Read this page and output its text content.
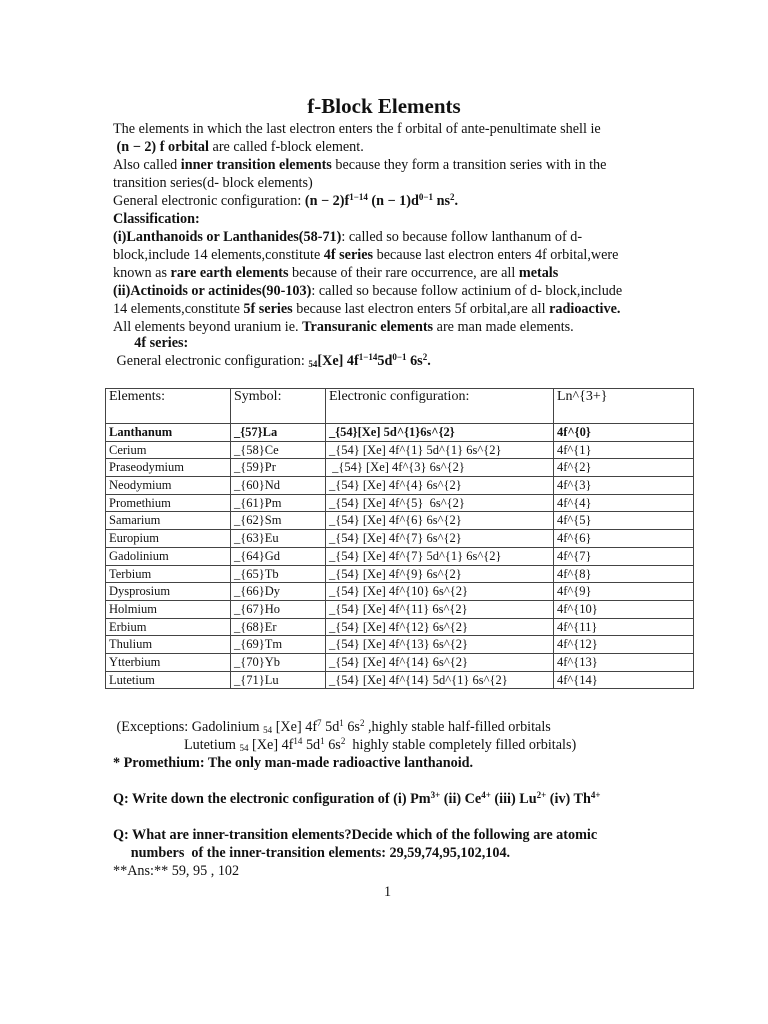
f-Block Elements
The elements in which the last electron enters the f orbital of ante-penultimate shell ie
(n − 2) f orbital are called f-block element.
Also called inner transition elements because they form a transition series with in the
transition series(d- block elements)
General electronic configuration: $(n - 2)f^{1-14}$ $(n - 1)d^{0-1}$ $ns^2$.
Classification:
(i)Lanthanoids or Lanthanides(58-71): called so because follow lanthanum of d-
block,include 14 elements,constitute 4f series because last electron enters 4f orbital,were
known as rare earth elements because of their rare occurrence, are all metals
(ii)Actinoids or actinides(90-103): called so because follow actinium of d- block,include
14 elements,constitute 5f series because last electron enters 5f orbital,are all radioactive.
All elements beyond uranium ie. Transuranic elements are man made elements.
4f series:
General electronic configuration: $_{54}$[Xe] $4f^{1-14}5d^{0-1}$ $6s^2$.
Elements:	Symbol:	Electronic configuration:	Ln^{3+}
Lanthanum	_{57}La	_{54}[Xe] 5d^{1}6s^{2}	4f^{0}
Cerium	_{58}Ce	_{54} [Xe] 4f^{1} 5d^{1} 6s^{2}	4f^{1}
Praseodymium	_{59}Pr	_{54} [Xe] 4f^{3} 6s^{2}	4f^{2}
Neodymium	_{60}Nd	_{54} [Xe] 4f^{4} 6s^{2}	4f^{3}
Promethium	_{61}Pm	_{54} [Xe] 4f^{5}  6s^{2}	4f^{4}
Samarium	_{62}Sm	_{54} [Xe] 4f^{6} 6s^{2}	4f^{5}
Europium	_{63}Eu	_{54} [Xe] 4f^{7} 6s^{2}	4f^{6}
Gadolinium	_{64}Gd	_{54} [Xe] 4f^{7} 5d^{1} 6s^{2}	4f^{7}
Terbium	_{65}Tb	_{54} [Xe] 4f^{9} 6s^{2}	4f^{8}
Dysprosium	_{66}Dy	_{54} [Xe] 4f^{10} 6s^{2}	4f^{9}
Holmium	_{67}Ho	_{54} [Xe] 4f^{11} 6s^{2}	4f^{10}
Erbium	_{68}Er	_{54} [Xe] 4f^{12} 6s^{2}	4f^{11}
Thulium	_{69}Tm	_{54} [Xe] 4f^{13} 6s^{2}	4f^{12}
Ytterbium	_{70}Yb	_{54} [Xe] 4f^{14} 6s^{2}	4f^{13}
Lutetium	_{71}Lu	_{54} [Xe] 4f^{14} 5d^{1} 6s^{2}	4f^{14}
(Exceptions: Gadolinium $_{54}$ [Xe] $4f^7$ $5d^1$ $6s^2$ ,highly stable half-filled orbitals
Lutetium $_{54}$ [Xe] $4f^{14}$ $5d^1$ $6s^2$  highly stable completely filled orbitals)
* Promethium: The only man-made radioactive lanthanoid.
Q: Write down the electronic configuration of (i) $Pm^{3+}$ (ii) $Ce^{4+}$ (iii) $Lu^{2+}$ (iv) $Th^{4+}$
Q: What are inner-transition elements?Decide which of the following are atomic
numbers  of the inner-transition elements: 29,59,74,95,102,104.
**Ans:** 59, 95 , 102
1
